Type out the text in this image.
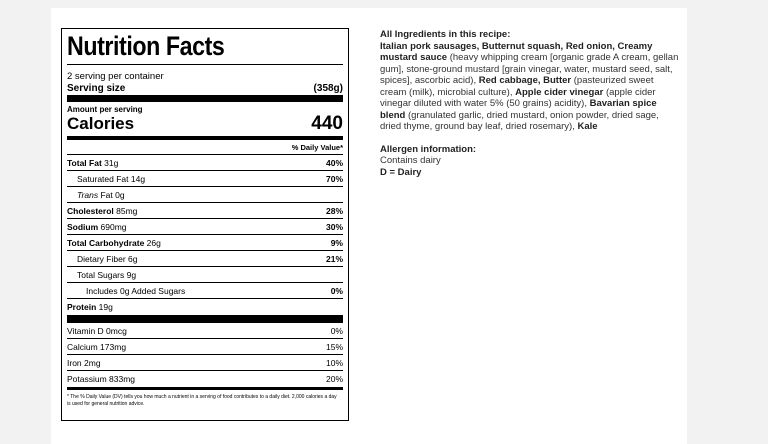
Nutrition Facts
2 serving per container
Serving size	(358g)
Amount per serving
Calories	440
% Daily Value*
Total Fat 31g	40%
Saturated Fat 14g	70%
Trans Fat 0g
Cholesterol 85mg	28%
Sodium 690mg	30%
Total Carbohydrate 26g	9%
Dietary Fiber 6g	21%
Total Sugars 9g
Includes 0g Added Sugars	0%
Protein 19g
Vitamin D 0mcg	0%
Calcium 173mg	15%
Iron 2mg	10%
Potassium 833mg	20%
* The % Daily Value (DV) tells you how much a nutrient in a serving of food contributes to a daily diet. 2,000 calories a day is used for general nutrition advice.
All Ingredients in this recipe:
Italian pork sausages, Butternut squash, Red onion, Creamy mustard sauce (heavy whipping cream [organic grade A cream, gellan gum], stone-ground mustard [grain vinegar, water, mustard seed, salt, spices], ascorbic acid), Red cabbage, Butter (pasteurized sweet cream (milk), microbial culture), Apple cider vinegar (apple cider vinegar diluted with water 5% (50 grains) acidity), Bavarian spice blend (granulated garlic, dried mustard, onion powder, dried sage, dried thyme, ground bay leaf, dried rosemary), Kale
Allergen information:
Contains dairy
D = Dairy
